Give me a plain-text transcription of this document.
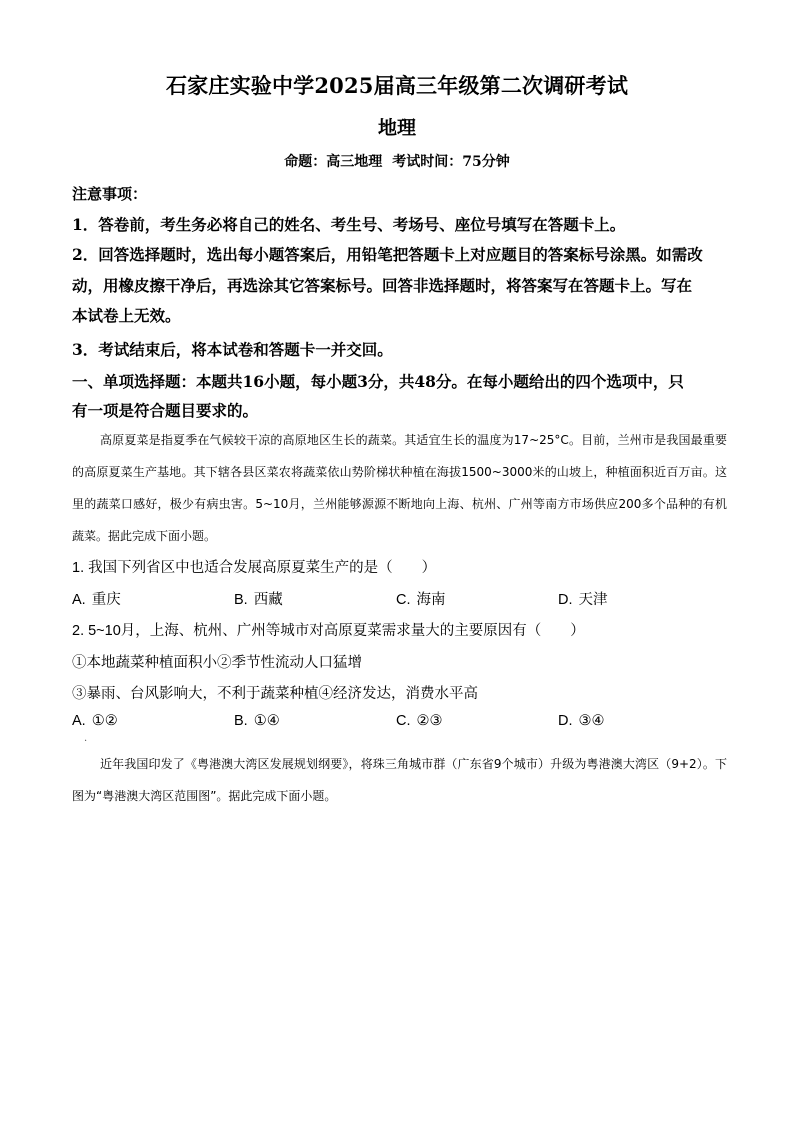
石家庄实验中学2025届高三年级第二次调研考试
地理
命题：高三地理 考试时间：75分钟
注意事项：
1．答卷前，考生务必将自己的姓名、考生号、考场号、座位号填写在答题卡上。
2．回答选择题时，选出每小题答案后，用铅笔把答题卡上对应题目的答案标号涂黑。如需改
动，用橡皮擦干净后，再选涂其它答案标号。回答非选择题时，将答案写在答题卡上。写在
本试卷上无效。
3．考试结束后，将本试卷和答题卡一并交回。
一、单项选择题：本题共16小题，每小题3分，共48分。在每小题给出的四个选项中，只
有一项是符合题目要求的。

高原夏菜是指夏季在气候较干凉的高原地区生长的蔬菜。其适宜生长的温度为17~25°C。目前，兰州市是我国最重要的高原夏菜生产基地。其下辖各县区菜农将蔬菜依山势阶梯状种植在海拔1500~3000米的山坡上，种植面积近百万亩。这里的蔬菜口感好，极少有病虫害。5~10月，兰州能够源源不断地向上海、杭州、广州等南方市场供应200多个品种的有机蔬菜。据此完成下面小题。

1. 我国下列省区中也适合发展高原夏菜生产的是（　　）
A. 重庆	B. 西藏	C. 海南	D. 天津
2. 5~10月，上海、杭州、广州等城市对高原夏菜需求量大的主要原因有（　　）
①本地蔬菜种植面积小②季节性流动人口猛增
③暴雨、台风影响大，不利于蔬菜种植④经济发达，消费水平高
A. ①②	B. ①④	C. ②③	D. ③④
.

近年我国印发了《粤港澳大湾区发展规划纲要》，将珠三角城市群（广东省9个城市）升级为粤港澳大湾区（9+2）。下图为“粤港澳大湾区范围图”。据此完成下面小题。
